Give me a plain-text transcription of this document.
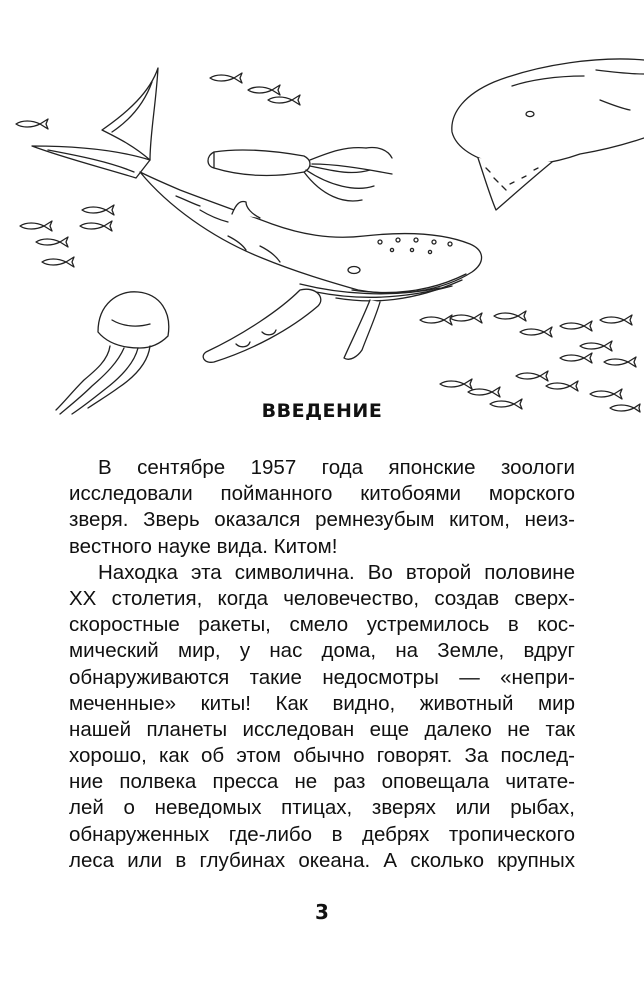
ВВЕДЕНИЕ
В сентябре 1957 года японские зоологи
исследовали пойманного китобоями морского
зверя. Зверь оказался ремнезубым китом, неиз-
вестного науке вида. Китом!
Находка эта символична. Во второй половине
XX столетия, когда человечество, создав сверх-
скоростные ракеты, смело устремилось в кос-
мический мир, у нас дома, на Земле, вдруг
обнаруживаются такие недосмотры — «непри-
меченные» киты! Как видно, животный мир
нашей планеты исследован еще далеко не так
хорошо, как об этом обычно говорят. За послед-
ние полвека пресса не раз оповещала читате-
лей о неведомых птицах, зверях или рыбах,
обнаруженных где-либо в дебрях тропического
леса или в глубинах океана. А сколько крупных
3
